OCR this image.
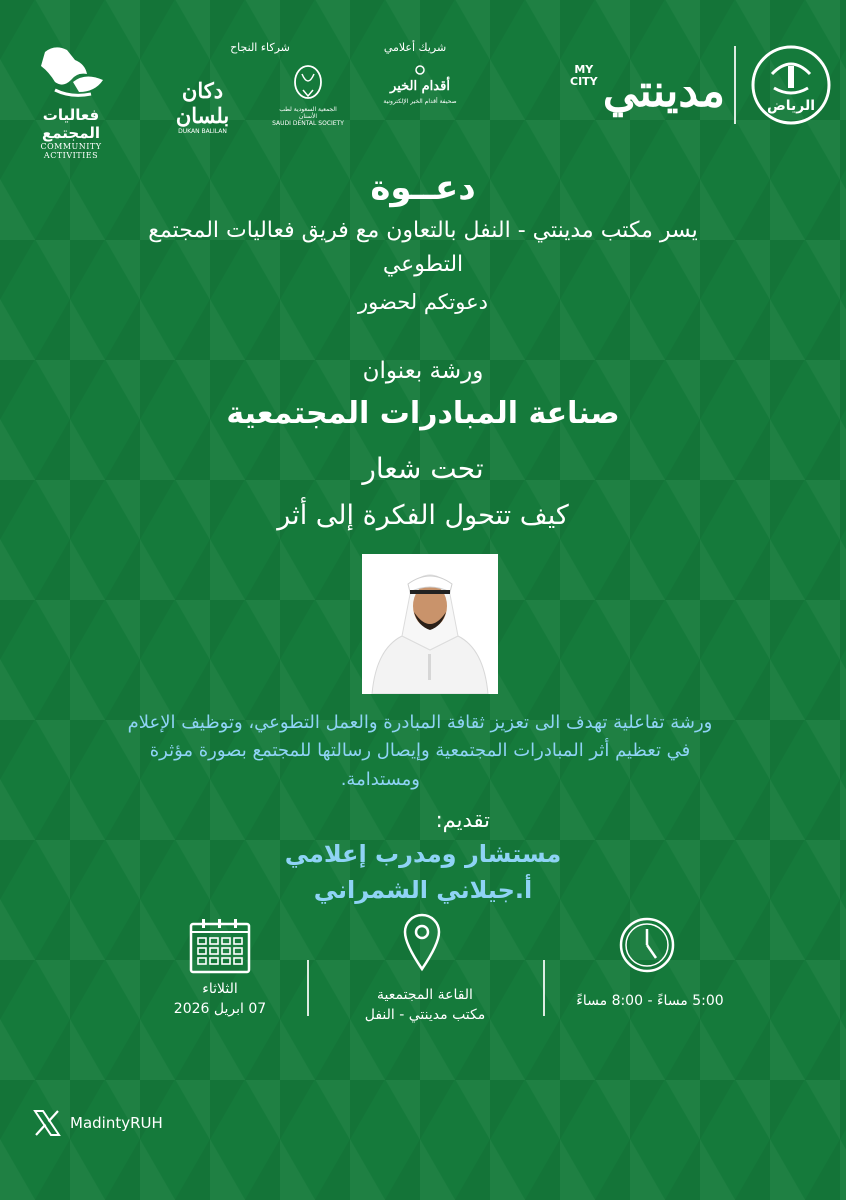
الرياض
مدينتي
MY
CITY
شريك أعلامي
شركاء النجاح
أقدام الخير
صحيفة أقدام الخير الإلكترونية
الجمعية السعودية لطب الأسنان
SAUDI DENTAL SOCIETY
دكان بلسان
DUKAN BALILAN
فعاليات المجتمع
COMMUNITY ACTIVITIES
دعــوة
يسر مكتب مدينتي - النفل بالتعاون مع فريق فعاليات المجتمع
التطوعي
دعوتكم لحضور
ورشة بعنوان
صناعة المبادرات المجتمعية
تحت شعار
كيف تتحول الفكرة إلى أثر
ورشة تفاعلية تهدف الى تعزيز ثقافة المبادرة والعمل التطوعي، وتوظيف الإعلام
في تعظيم أثر المبادرات المجتمعية وإيصال رسالتها للمجتمع بصورة مؤثرة
ومستدامة.
تقديم:
مستشار ومدرب إعلامي
أ.جيلاني الشمراني
الثلاثاء
07 ابريل 2026
القاعة المجتمعية
مكتب مدينتي - النفل
5:00 مساءً - 8:00 مساءً
MadintyRUH
